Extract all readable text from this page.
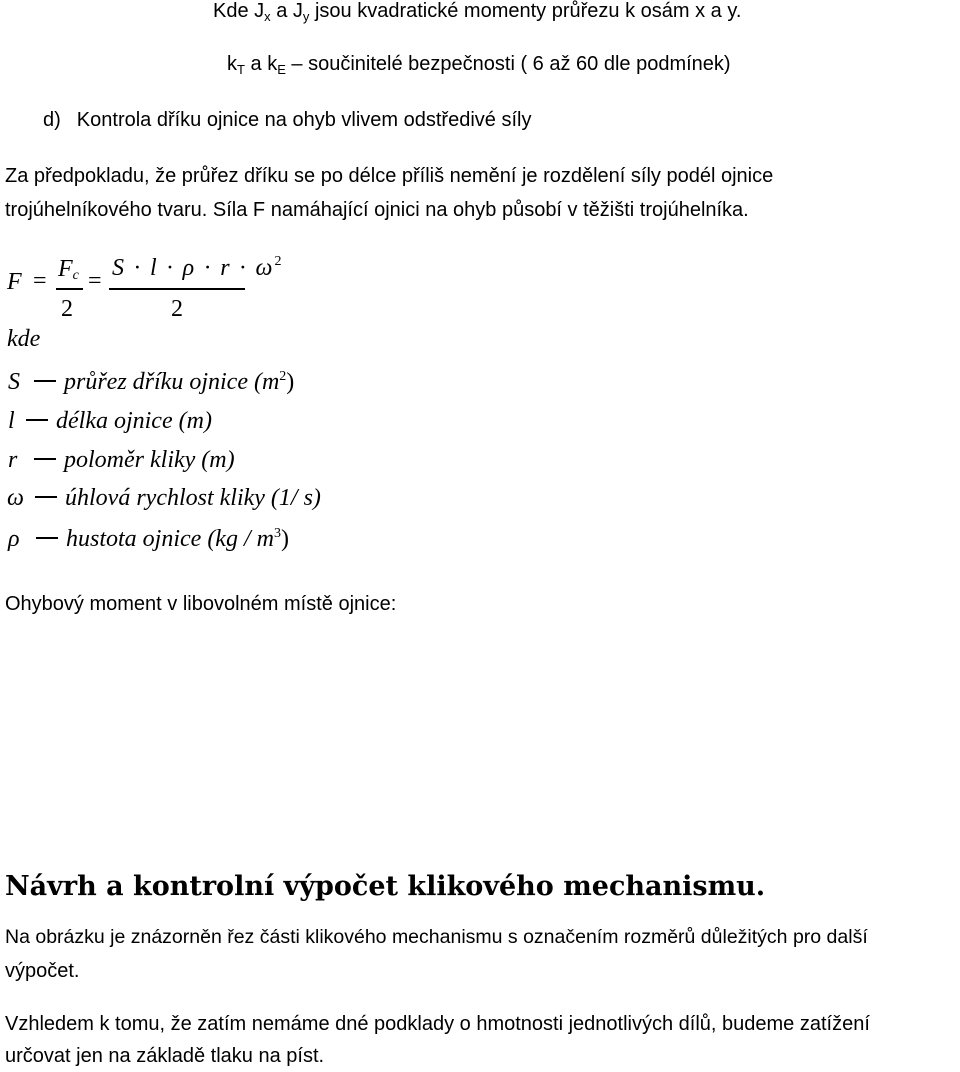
Kde $J_x$ a $J_y$ jsou kvadratické momenty průřezu k osám x a y.
$k_T$ a $k_E$ – součinitelé bezpečnosti ( 6 až 60 dle podmínek)
d) Kontrola dříku ojnice na ohyb vlivem odstředivé síly
Za předpokladu, že průřez dříku se po délce příliš nemění je rozdělení síly podél ojnice
trojúhelníkového tvaru. Síla F namáhající ojnici na ohyb působí v těžišti trojúhelníka.
$F = F_c$
2
= $S \cdot l \cdot \rho \cdot r \cdot \omega^2$
2
kde
S průřez dříku ojnice $(m^2)$
l délka ojnice (m)
r poloměr kliky (m)
ω úhlová rychlost kliky (1/ s)
ρ hustota ojnice $(kg / m^3)$
Ohybový moment v libovolném místě ojnice:
Návrh a kontrolní výpočet klikového mechanismu.
Na obrázku je znázorněn řez části klikového mechanismu s označením rozměrů důležitých pro další
výpočet.
Vzhledem k tomu, že zatím nemáme dné podklady o hmotnosti jednotlivých dílů, budeme zatížení
určovat jen na základě tlaku na píst.
